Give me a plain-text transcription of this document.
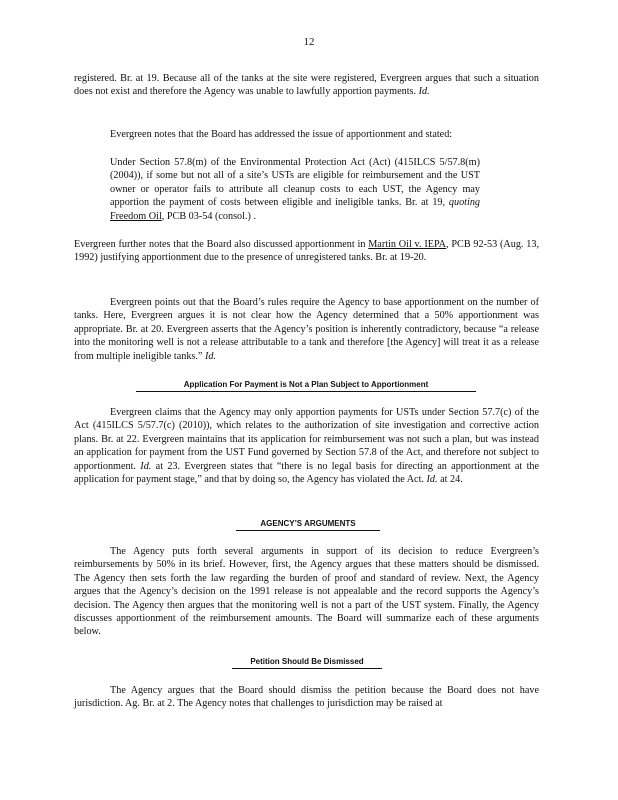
12

registered. Br. at 19. Because all of the tanks at the site were registered, Evergreen argues that such a situation does not exist and therefore the Agency was unable to lawfully apportion payments. Id.

Evergreen notes that the Board has addressed the issue of apportionment and stated:

Under Section 57.8(m) of the Environmental Protection Act (Act) (415ILCS 5/57.8(m) (2004)), if some but not all of a site’s USTs are eligible for reimbursement and the UST owner or operator fails to attribute all cleanup costs to each UST, the Agency may apportion the payment of costs between eligible and ineligible tanks. Br. at 19, quoting Freedom Oil, PCB 03-54 (consol.) .

Evergreen further notes that the Board also discussed apportionment in Martin Oil v. IEPA, PCB 92-53 (Aug. 13, 1992) justifying apportionment due to the presence of unregistered tanks. Br. at 19-20.

Evergreen points out that the Board’s rules require the Agency to base apportionment on the number of tanks. Here, Evergreen argues it is not clear how the Agency determined that a 50% apportionment was appropriate. Br. at 20. Evergreen asserts that the Agency’s position is inherently contradictory, because “a release into the monitoring well is not a release attributable to a tank and therefore [the Agency] will treat it as a release from multiple ineligible tanks.” Id.

Application For Payment is Not a Plan Subject to Apportionment

Evergreen claims that the Agency may only apportion payments for USTs under Section 57.7(c) of the Act (415ILCS 5/57.7(c) (2010)), which relates to the authorization of site investigation and corrective action plans. Br. at 22. Evergreen maintains that its application for reimbursement was not such a plan, but was instead an application for payment from the UST Fund governed by Section 57.8 of the Act, and therefore not subject to apportionment. Id. at 23. Evergreen states that “there is no legal basis for directing an apportionment at the application for payment stage,” and that by doing so, the Agency has violated the Act. Id. at 24.

AGENCY’S ARGUMENTS

The Agency puts forth several arguments in support of its decision to reduce Evergreen’s reimbursements by 50% in its brief. However, first, the Agency argues that these matters should be dismissed. The Agency then sets forth the law regarding the burden of proof and standard of review. Next, the Agency argues that the Agency’s decision on the 1991 release is not appealable and the record supports the Agency’s decision. The Agency then argues that the monitoring well is not a part of the UST system. Finally, the Agency discusses apportionment of the reimbursement amounts. The Board will summarize each of these arguments below.

Petition Should Be Dismissed

The Agency argues that the Board should dismiss the petition because the Board does not have jurisdiction. Ag. Br. at 2. The Agency notes that challenges to jurisdiction may be raised at
